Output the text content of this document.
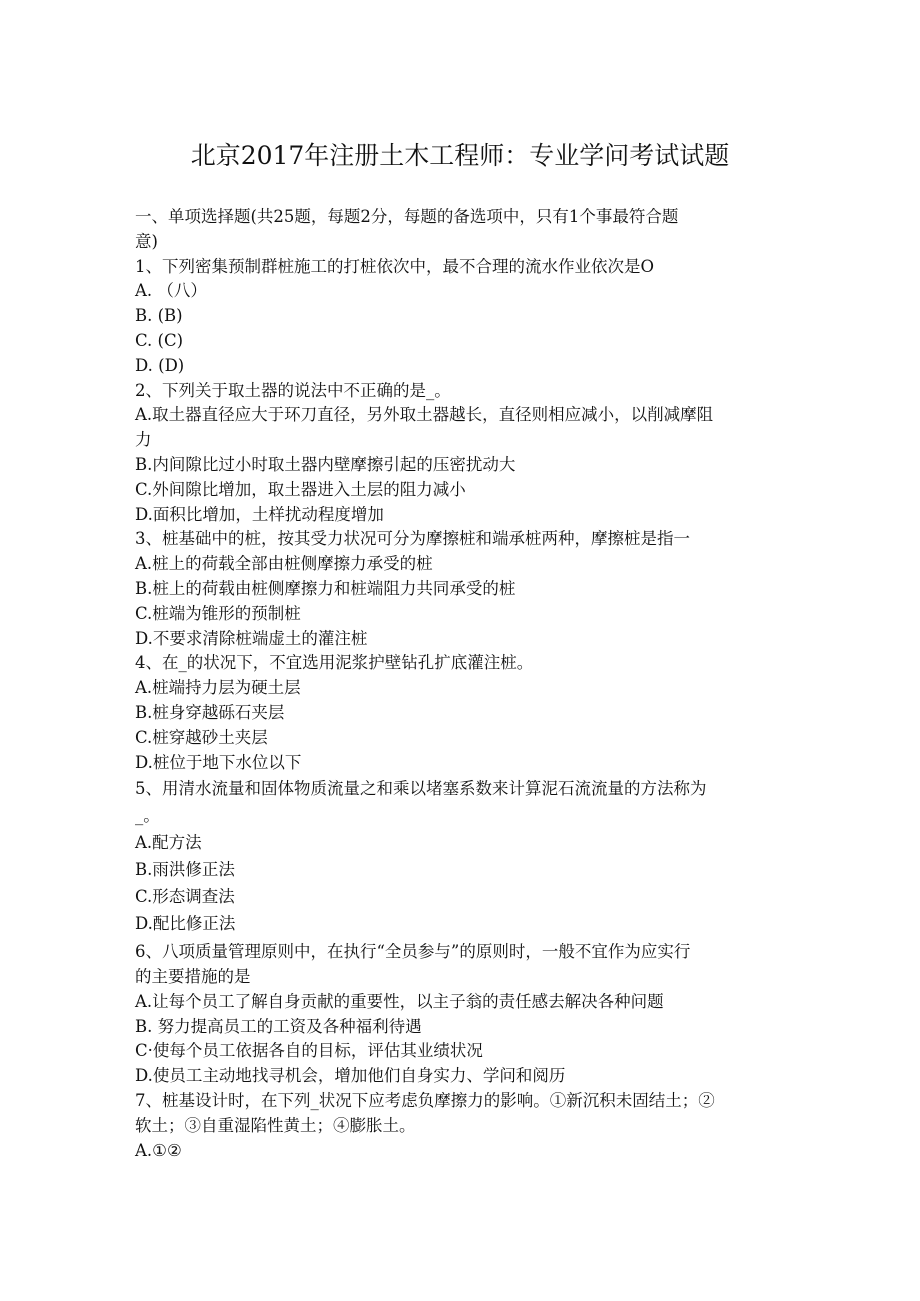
北京2017年注册土木工程师：专业学问考试试题
一、单项选择题(共25题，每题2分，每题的备选项中，只有1个事最符合题
意)
1、下列密集预制群桩施工的打桩依次中，最不合理的流水作业依次是O
A. （八）
B. (B)
C. (C)
D. (D)
2、下列关于取土器的说法中不正确的是_。
A.取土器直径应大于环刀直径，另外取土器越长，直径则相应减小，以削减摩阻
力
B.内间隙比过小时取土器内壁摩擦引起的压密扰动大
C.外间隙比增加，取土器进入土层的阻力减小
D.面积比增加，土样扰动程度增加
3、桩基础中的桩，按其受力状况可分为摩擦桩和端承桩两种，摩擦桩是指一
A.桩上的荷载全部由桩侧摩擦力承受的桩
B.桩上的荷载由桩侧摩擦力和桩端阻力共同承受的桩
C.桩端为锥形的预制桩
D.不要求清除桩端虚土的灌注桩
4、在_的状况下，不宜选用泥浆护壁钻孔扩底灌注桩。
A.桩端持力层为硬土层
B.桩身穿越砾石夹层
C.桩穿越砂土夹层
D.桩位于地下水位以下
5、用清水流量和固体物质流量之和乘以堵塞系数来计算泥石流流量的方法称为
_。
A.配方法
B.雨洪修正法
C.形态调查法
D.配比修正法
6、八项质量管理原则中，在执行“全员参与”的原则时，一般不宜作为应实行
的主要措施的是
A.让每个员工了解自身贡献的重要性，以主子翁的责任感去解决各种问题
B. 努力提高员工的工资及各种福利待遇
C·使每个员工依据各自的目标，评估其业绩状况
D.使员工主动地找寻机会，增加他们自身实力、学问和阅历
7、桩基设计时，在下列_状况下应考虑负摩擦力的影响。①新沉积未固结土；②
软土；③自重湿陷性黄土；④膨胀土。
A.①②
